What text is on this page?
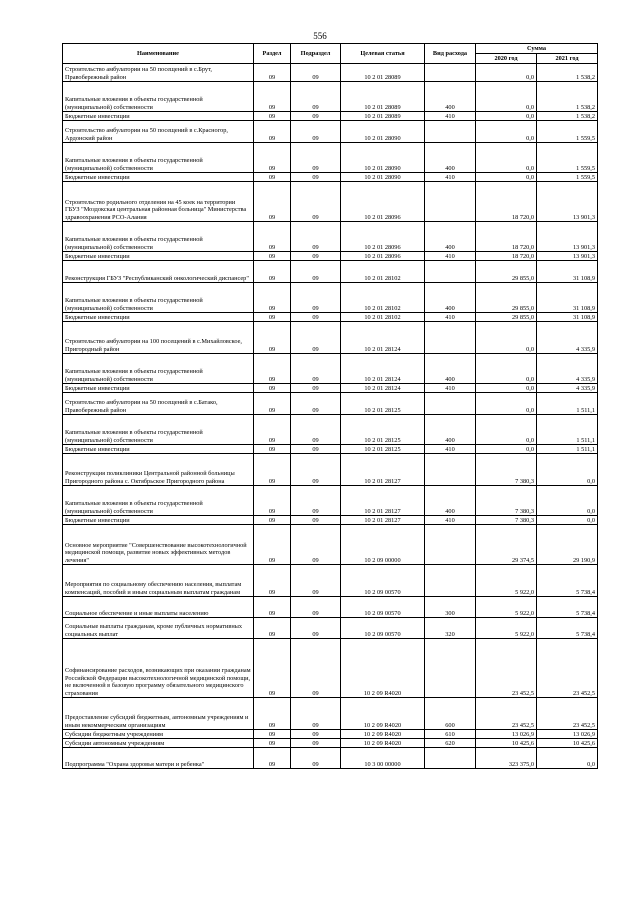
556
Наименование	Раздел	Подраздел	Целевая статья	Вид расхода	Сумма	
					2020 год	2021 год
Строительство амбулатории на 50 посещений в с.Брут, Правобережный район	09	09	10 2 01 28089		0,0	1 538,2
Капитальные вложения в объекты государственной (муниципальной) собственности	09	09	10 2 01 28089	400	0,0	1 538,2
Бюджетные инвестиции	09	09	10 2 01 28089	410	0,0	1 538,2
Строительство амбулатории на 50 посещений в с.Красногор, Ардонский район	09	09	10 2 01 28090		0,0	1 559,5
Капитальные вложения в объекты государственной (муниципальной) собственности	09	09	10 2 01 28090	400	0,0	1 559,5
Бюджетные инвестиции	09	09	10 2 01 28090	410	0,0	1 559,5
Строительство родильного отделения на 45 коек на территории ГБУЗ "Моздокская центральная районная больница" Министерства здравоохранения РСО-Алания	09	09	10 2 01 28096		18 720,0	13 901,3
Капитальные вложения в объекты государственной (муниципальной) собственности	09	09	10 2 01 28096	400	18 720,0	13 901,3
Бюджетные инвестиции	09	09	10 2 01 28096	410	18 720,0	13 901,3
Реконструкция ГБУЗ "Республиканский онкологический диспансер"	09	09	10 2 01 28102		29 855,0	31 108,9
Капитальные вложения в объекты государственной (муниципальной) собственности	09	09	10 2 01 28102	400	29 855,0	31 108,9
Бюджетные инвестиции	09	09	10 2 01 28102	410	29 855,0	31 108,9
Строительство амбулатории на 100 посещений в с.Михайловское, Пригородный район	09	09	10 2 01 28124		0,0	4 335,9
Капитальные вложения в объекты государственной (муниципальной) собственности	09	09	10 2 01 28124	400	0,0	4 335,9
Бюджетные инвестиции	09	09	10 2 01 28124	410	0,0	4 335,9
Строительство амбулатории на 50 посещений в с.Батако, Правобережный район	09	09	10 2 01 28125		0,0	1 511,1
Капитальные вложения в объекты государственной (муниципальной) собственности	09	09	10 2 01 28125	400	0,0	1 511,1
Бюджетные инвестиции	09	09	10 2 01 28125	410	0,0	1 511,1
Реконструкция поликлиники Центральной районной больницы Пригородного района с. Октябрьское Пригородного района	09	09	10 2 01 28127		7 380,3	0,0
Капитальные вложения в объекты государственной (муниципальной) собственности	09	09	10 2 01 28127	400	7 380,3	0,0
Бюджетные инвестиции	09	09	10 2 01 28127	410	7 380,3	0,0
Основное мероприятие "Совершенствование высокотехнологичной медицинской помощи, развитие новых эффективных методов лечения"	09	09	10 2 09 00000		29 374,5	29 190,9
Мероприятия по социальному обеспечению населения, выплатам компенсаций, пособий и иным социальным выплатам гражданам	09	09	10 2 09 00570		5 922,0	5 738,4
Социальное обеспечение и иные выплаты населению	09	09	10 2 09 00570	300	5 922,0	5 738,4
Социальные выплаты гражданам, кроме публичных нормативных социальных выплат	09	09	10 2 09 00570	320	5 922,0	5 738,4
Софинансирование расходов, возникающих при оказании гражданам Российской Федерации высокотехнологичной медицинской помощи, не включенной в базовую программу обязательного медицинского страхования	09	09	10 2 09 R4020		23 452,5	23 452,5
Предоставление субсидий бюджетным, автономным учреждениям и иным некоммерческим организациям	09	09	10 2 09 R4020	600	23 452,5	23 452,5
Субсидии бюджетным учреждениям	09	09	10 2 09 R4020	610	13 026,9	13 026,9
Субсидии автономным учреждениям	09	09	10 2 09 R4020	620	10 425,6	10 425,6
Подпрограмма "Охрана здоровья матери и ребенка"	09	09	10 3 00 00000		323 375,0	0,0
